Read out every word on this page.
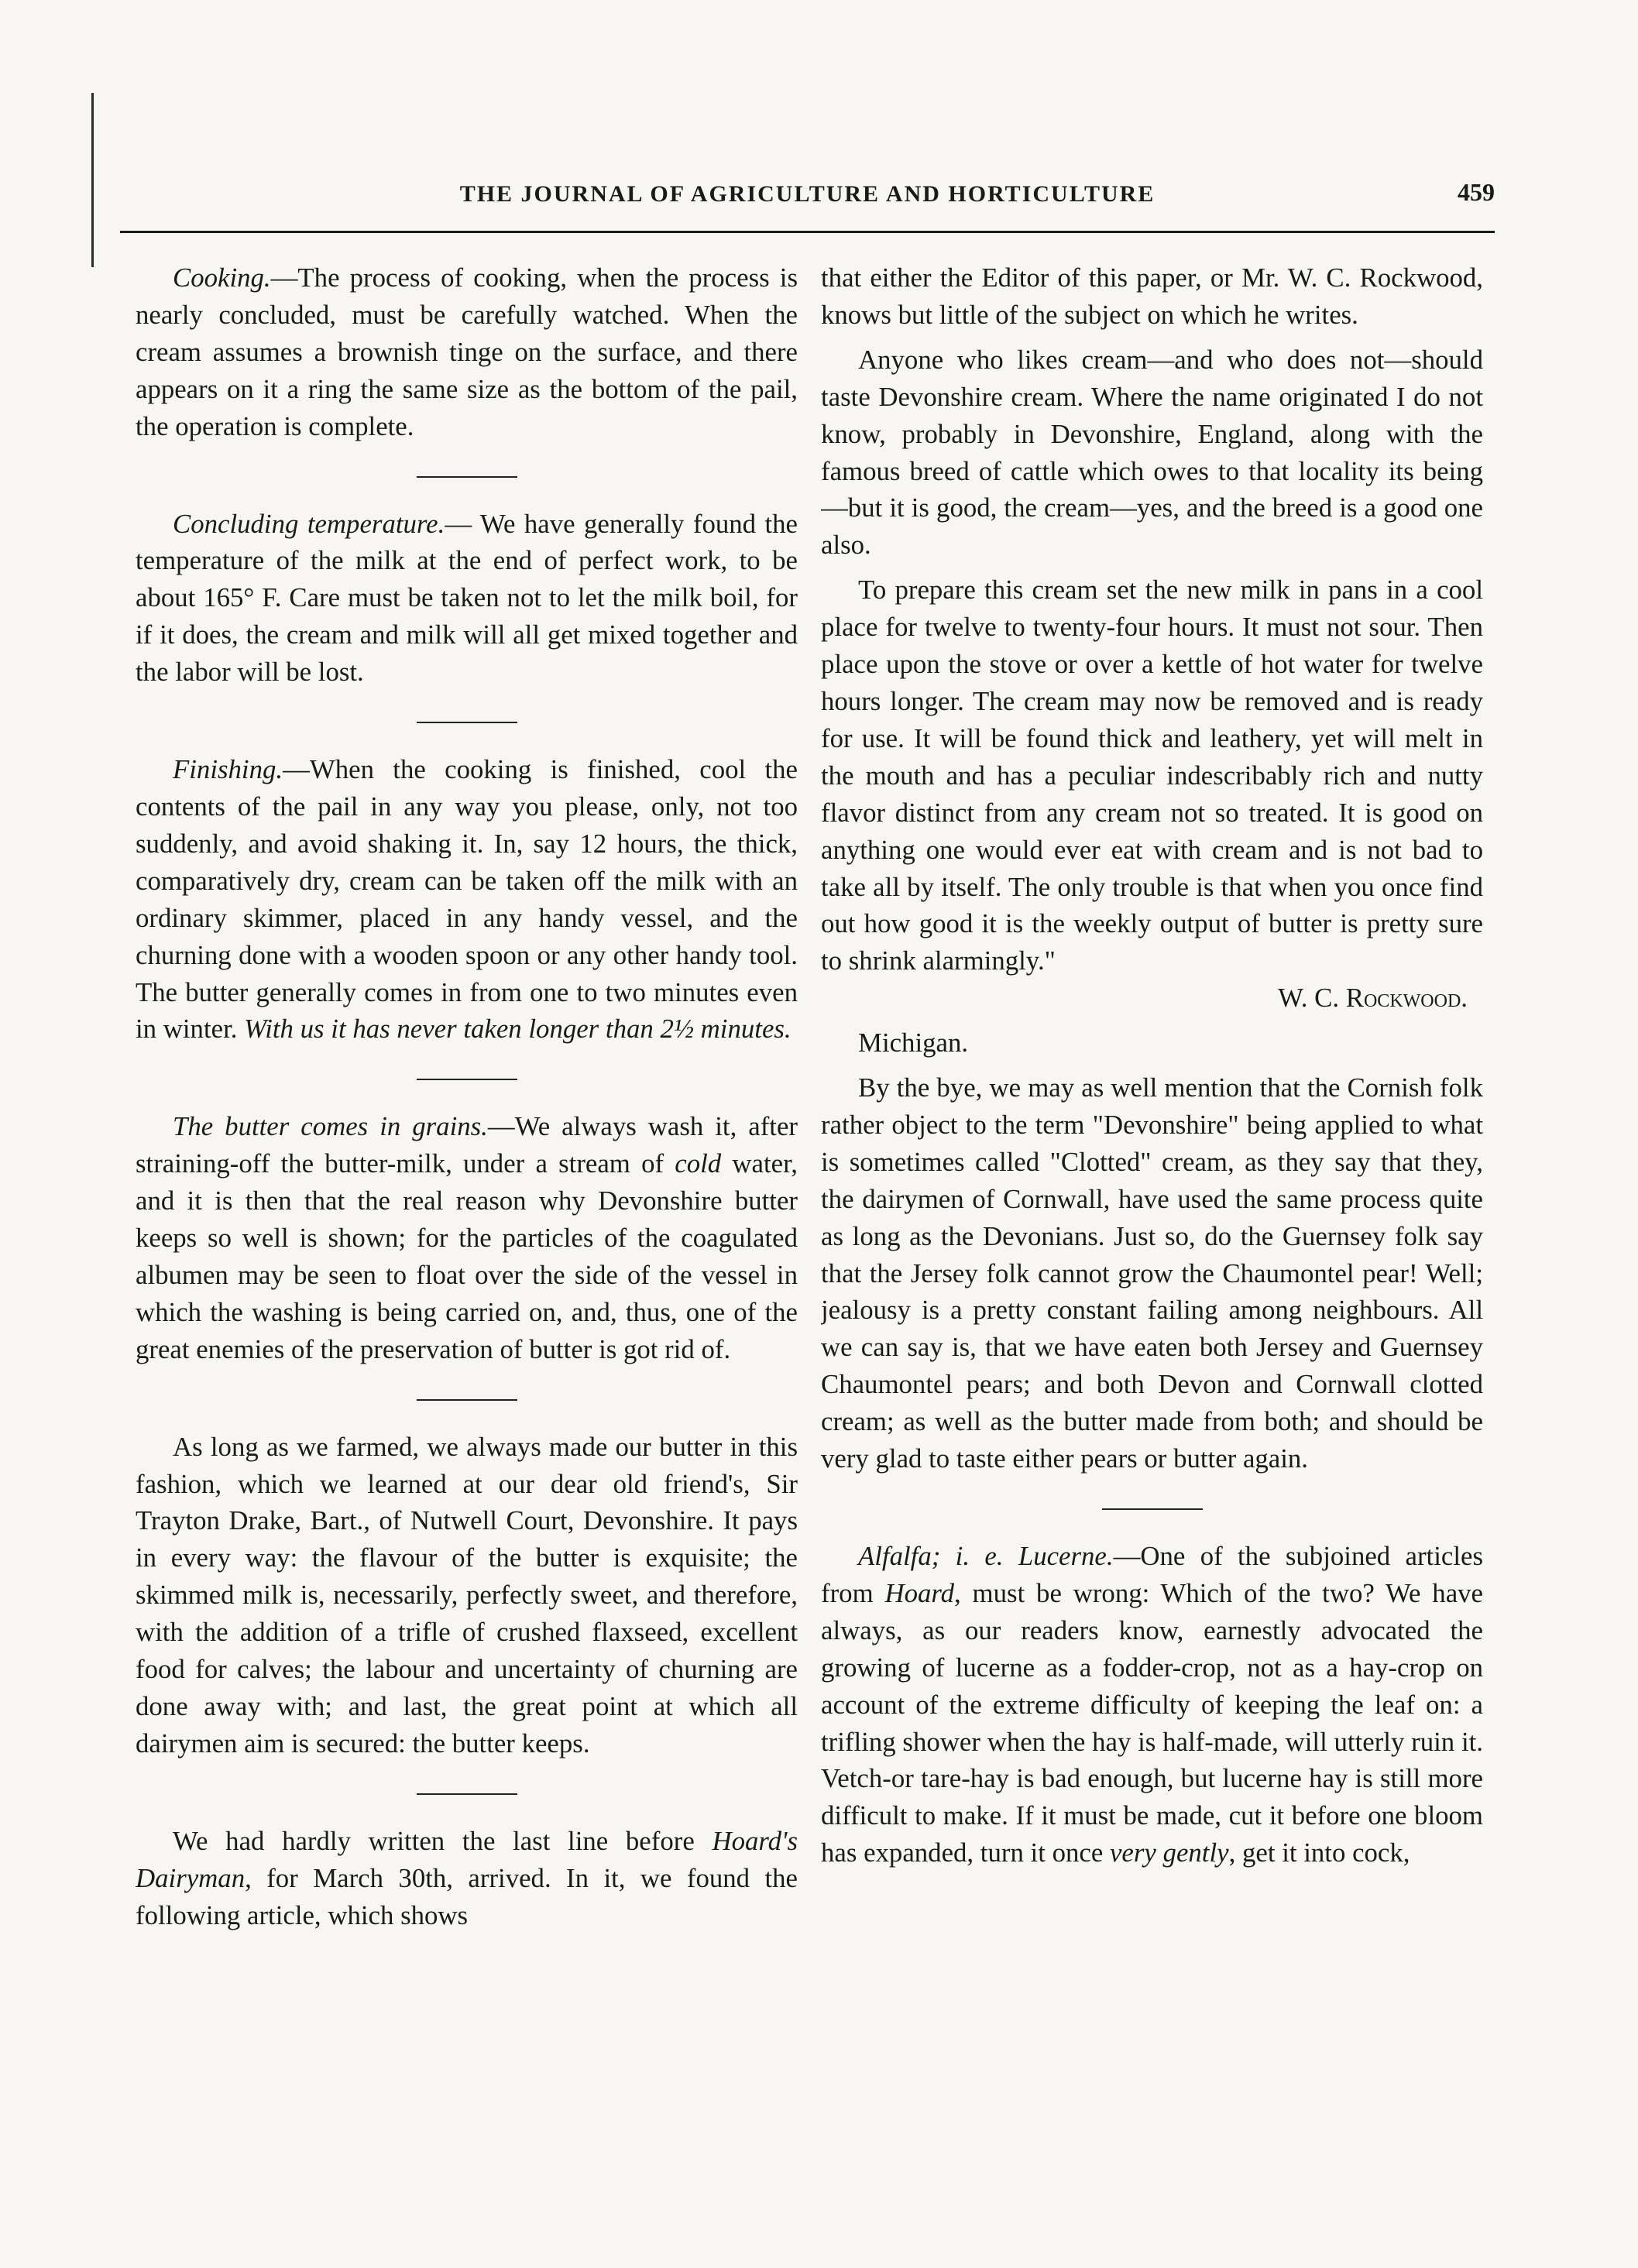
THE JOURNAL OF AGRICULTURE AND HORTICULTURE	459

Cooking.—The process of cooking, when the process is nearly concluded, must be carefully watched. When the cream assumes a brownish tinge on the surface, and there appears on it a ring the same size as the bottom of the pail, the operation is complete.

Concluding temperature.— We have generally found the temperature of the milk at the end of perfect work, to be about 165° F. Care must be taken not to let the milk boil, for if it does, the cream and milk will all get mixed together and the labor will be lost.

Finishing.—When the cooking is finished, cool the contents of the pail in any way you please, only, not too suddenly, and avoid shaking it. In, say 12 hours, the thick, comparatively dry, cream can be taken off the milk with an ordinary skimmer, placed in any handy vessel, and the churning done with a wooden spoon or any other handy tool. The butter generally comes in from one to two minutes even in winter. With us it has never taken longer than 2½ minutes.

The butter comes in grains.—We always wash it, after straining-off the butter-milk, under a stream of cold water, and it is then that the real reason why Devonshire butter keeps so well is shown; for the particles of the coagulated albumen may be seen to float over the side of the vessel in which the washing is being carried on, and, thus, one of the great enemies of the preservation of butter is got rid of.

As long as we farmed, we always made our butter in this fashion, which we learned at our dear old friend's, Sir Trayton Drake, Bart., of Nutwell Court, Devonshire. It pays in every way: the flavour of the butter is exquisite; the skimmed milk is, necessarily, perfectly sweet, and therefore, with the addition of a trifle of crushed flaxseed, excellent food for calves; the labour and uncertainty of churning are done away with; and last, the great point at which all dairymen aim is secured: the butter keeps.

We had hardly written the last line before Hoard's Dairyman, for March 30th, arrived. In it, we found the following article, which shows

that either the Editor of this paper, or Mr. W. C. Rockwood, knows but little of the subject on which he writes.

Anyone who likes cream—and who does not—should taste Devonshire cream. Where the name originated I do not know, probably in Devonshire, England, along with the famous breed of cattle which owes to that locality its being—but it is good, the cream—yes, and the breed is a good one also.

To prepare this cream set the new milk in pans in a cool place for twelve to twenty-four hours. It must not sour. Then place upon the stove or over a kettle of hot water for twelve hours longer. The cream may now be removed and is ready for use. It will be found thick and leathery, yet will melt in the mouth and has a peculiar indescribably rich and nutty flavor distinct from any cream not so treated. It is good on anything one would ever eat with cream and is not bad to take all by itself. The only trouble is that when you once find out how good it is the weekly output of butter is pretty sure to shrink alarmingly."

W. C. Rockwood.

Michigan.

By the bye, we may as well mention that the Cornish folk rather object to the term "Devonshire" being applied to what is sometimes called "Clotted" cream, as they say that they, the dairymen of Cornwall, have used the same process quite as long as the Devonians. Just so, do the Guernsey folk say that the Jersey folk cannot grow the Chaumontel pear! Well; jealousy is a pretty constant failing among neighbours. All we can say is, that we have eaten both Jersey and Guernsey Chaumontel pears; and both Devon and Cornwall clotted cream; as well as the butter made from both; and should be very glad to taste either pears or butter again.

Alfalfa; i. e. Lucerne.—One of the subjoined articles from Hoard, must be wrong: Which of the two? We have always, as our readers know, earnestly advocated the growing of lucerne as a fodder-crop, not as a hay-crop on account of the extreme difficulty of keeping the leaf on: a trifling shower when the hay is half-made, will utterly ruin it. Vetch-or tare-hay is bad enough, but lucerne hay is still more difficult to make. If it must be made, cut it before one bloom has expanded, turn it once very gently, get it into cock,
